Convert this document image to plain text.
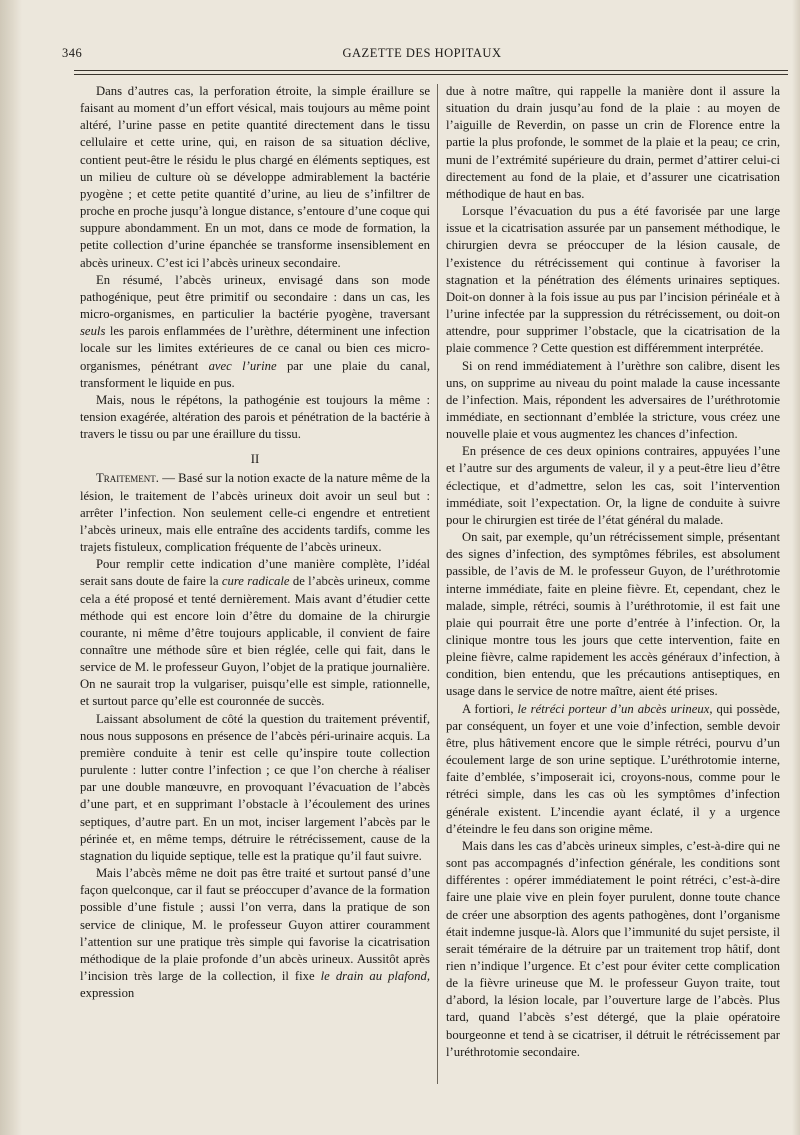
346	GAZETTE DES HOPITAUX

Dans d’autres cas, la perforation étroite, la simple éraillure se faisant au moment d’un effort vésical, mais toujours au même point altéré, l’urine passe en petite quantité directement dans le tissu cellulaire et cette urine, qui, en raison de sa situation déclive, contient peut-être le résidu le plus chargé en éléments septiques, est un milieu de culture où se développe admirablement la bactérie pyogène ; et cette petite quantité d’urine, au lieu de s’infiltrer de proche en proche jusqu’à longue distance, s’entoure d’une coque qui suppure abondamment. En un mot, dans ce mode de formation, la petite collection d’urine épanchée se transforme insensiblement en abcès urineux. C’est ici l’abcès urineux secondaire.

En résumé, l’abcès urineux, envisagé dans son mode pathogénique, peut être primitif ou secondaire : dans un cas, les micro-organismes, en particulier la bactérie pyogène, traversant seuls les parois enflammées de l’urèthre, déterminent une infection locale sur les limites extérieures de ce canal ou bien ces micro-organismes, pénétrant avec l’urine par une plaie du canal, transforment le liquide en pus.

Mais, nous le répétons, la pathogénie est toujours la même : tension exagérée, altération des parois et pénétration de la bactérie à travers le tissu ou par une éraillure du tissu.

II

Traitement. — Basé sur la notion exacte de la nature même de la lésion, le traitement de l’abcès urineux doit avoir un seul but : arrêter l’infection. Non seulement celle-ci engendre et entretient l’abcès urineux, mais elle entraîne des accidents tardifs, comme les trajets fistuleux, complication fréquente de l’abcès urineux.

Pour remplir cette indication d’une manière complète, l’idéal serait sans doute de faire la cure radicale de l’abcès urineux, comme cela a été proposé et tenté dernièrement. Mais avant d’étudier cette méthode qui est encore loin d’être du domaine de la chirurgie courante, ni même d’être toujours applicable, il convient de faire connaître une méthode sûre et bien réglée, celle qui fait, dans le service de M. le professeur Guyon, l’objet de la pratique journalière. On ne saurait trop la vulgariser, puisqu’elle est simple, rationnelle, et surtout parce qu’elle est couronnée de succès.

Laissant absolument de côté la question du traitement préventif, nous nous supposons en présence de l’abcès péri-urinaire acquis. La première conduite à tenir est celle qu’inspire toute collection purulente : lutter contre l’infection ; ce que l’on cherche à réaliser par une double manœuvre, en provoquant l’évacuation de l’abcès d’une part, et en supprimant l’obstacle à l’écoulement des urines septiques, d’autre part. En un mot, inciser largement l’abcès par le périnée et, en même temps, détruire le rétrécissement, cause de la stagnation du liquide septique, telle est la pratique qu’il faut suivre.

Mais l’abcès même ne doit pas être traité et surtout pansé d’une façon quelconque, car il faut se préoccuper d’avance de la formation possible d’une fistule ; aussi l’on verra, dans la pratique de son service de clinique, M. le professeur Guyon attirer couramment l’attention sur une pratique très simple qui favorise la cicatrisation méthodique de la plaie profonde d’un abcès urineux. Aussitôt après l’incision très large de la collection, il fixe le drain au plafond, expression

due à notre maître, qui rappelle la manière dont il assure la situation du drain jusqu’au fond de la plaie : au moyen de l’aiguille de Reverdin, on passe un crin de Florence entre la partie la plus profonde, le sommet de la plaie et la peau; ce crin, muni de l’extrémité supérieure du drain, permet d’attirer celui-ci directement au fond de la plaie, et d’assurer une cicatrisation méthodique de haut en bas.

Lorsque l’évacuation du pus a été favorisée par une large issue et la cicatrisation assurée par un pansement méthodique, le chirurgien devra se préoccuper de la lésion causale, de l’existence du rétrécissement qui continue à favoriser la stagnation et la pénétration des éléments urinaires septiques. Doit-on donner à la fois issue au pus par l’incision périnéale et à l’urine infectée par la suppression du rétrécissement, ou doit-on attendre, pour supprimer l’obstacle, que la cicatrisation de la plaie commence ? Cette question est différemment interprétée.

Si on rend immédiatement à l’urèthre son calibre, disent les uns, on supprime au niveau du point malade la cause incessante de l’infection. Mais, répondent les adversaires de l’uréthrotomie immédiate, en sectionnant d’emblée la stricture, vous créez une nouvelle plaie et vous augmentez les chances d’infection.

En présence de ces deux opinions contraires, appuyées l’une et l’autre sur des arguments de valeur, il y a peut-être lieu d’être éclectique, et d’admettre, selon les cas, soit l’intervention immédiate, soit l’expectation. Or, la ligne de conduite à suivre pour le chirurgien est tirée de l’état général du malade.

On sait, par exemple, qu’un rétrécissement simple, présentant des signes d’infection, des symptômes fébriles, est absolument passible, de l’avis de M. le professeur Guyon, de l’uréthrotomie interne immédiate, faite en pleine fièvre. Et, cependant, chez le malade, simple, rétréci, soumis à l’uréthrotomie, il est fait une plaie qui pourrait être une porte d’entrée à l’infection. Or, la clinique montre tous les jours que cette intervention, faite en pleine fièvre, calme rapidement les accès généraux d’infection, à condition, bien entendu, que les précautions antiseptiques, en usage dans le service de notre maître, aient été prises.

A fortiori, le rétréci porteur d’un abcès urineux, qui possède, par conséquent, un foyer et une voie d’infection, semble devoir être, plus hâtivement encore que le simple rétréci, pourvu d’un écoulement large de son urine septique. L’uréthrotomie interne, faite d’emblée, s’imposerait ici, croyons-nous, comme pour le rétréci simple, dans les cas où les symptômes d’infection générale existent. L’incendie ayant éclaté, il y a urgence d’éteindre le feu dans son origine même.

Mais dans les cas d’abcès urineux simples, c’est-à-dire qui ne sont pas accompagnés d’infection générale, les conditions sont différentes : opérer immédiatement le point rétréci, c’est-à-dire faire une plaie vive en plein foyer purulent, donne toute chance de créer une absorption des agents pathogènes, dont l’organisme était indemne jusque-là. Alors que l’immunité du sujet persiste, il serait téméraire de la détruire par un traitement trop hâtif, dont rien n’indique l’urgence. Et c’est pour éviter cette complication de la fièvre urineuse que M. le professeur Guyon traite, tout d’abord, la lésion locale, par l’ouverture large de l’abcès. Plus tard, quand l’abcès s’est détergé, que la plaie opératoire bourgeonne et tend à se cicatriser, il détruit le rétrécissement par l’uréthrotomie secondaire.
